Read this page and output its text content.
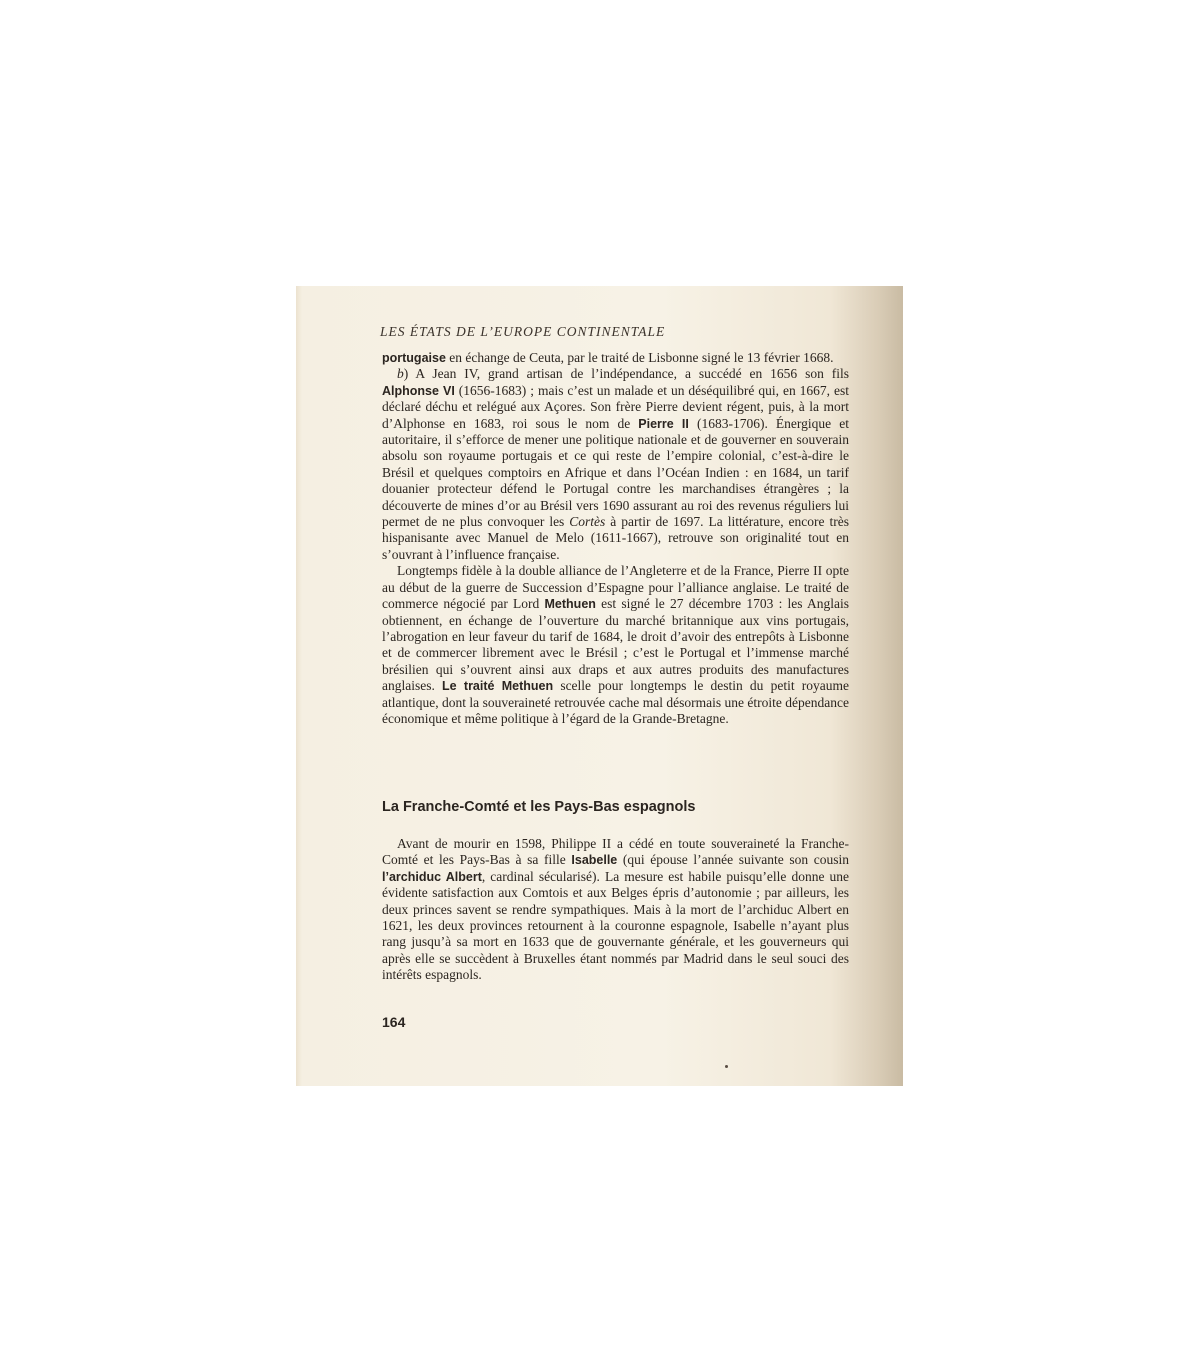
LES ÉTATS DE L’EUROPE CONTINENTALE

portugaise en échange de Ceuta, par le traité de Lisbonne signé le 13 février 1668.

b) A Jean IV, grand artisan de l’indépendance, a succédé en 1656 son fils Alphonse VI (1656-1683) ; mais c’est un malade et un déséquilibré qui, en 1667, est déclaré déchu et relégué aux Açores. Son frère Pierre devient régent, puis, à la mort d’Alphonse en 1683, roi sous le nom de Pierre II (1683-1706). Énergique et autoritaire, il s’efforce de mener une politique nationale et de gouverner en souverain absolu son royaume portugais et ce qui reste de l’empire colonial, c’est-à-dire le Brésil et quelques comptoirs en Afrique et dans l’Océan Indien : en 1684, un tarif douanier protecteur défend le Portugal contre les marchandises étrangères ; la découverte de mines d’or au Brésil vers 1690 assurant au roi des revenus réguliers lui permet de ne plus convoquer les Cortès à partir de 1697. La littérature, encore très hispanisante avec Manuel de Melo (1611-1667), retrouve son originalité tout en s’ouvrant à l’influence française.

Longtemps fidèle à la double alliance de l’Angleterre et de la France, Pierre II opte au début de la guerre de Succession d’Espagne pour l’alliance anglaise. Le traité de commerce négocié par Lord Methuen est signé le 27 décembre 1703 : les Anglais obtiennent, en échange de l’ouverture du marché britannique aux vins portugais, l’abrogation en leur faveur du tarif de 1684, le droit d’avoir des entrepôts à Lisbonne et de commercer librement avec le Brésil ; c’est le Portugal et l’immense marché brésilien qui s’ouvrent ainsi aux draps et aux autres produits des manufactures anglaises. Le traité Methuen scelle pour longtemps le destin du petit royaume atlantique, dont la souveraineté retrouvée cache mal désormais une étroite dépendance économique et même politique à l’égard de la Grande-Bretagne.

La Franche-Comté et les Pays-Bas espagnols

Avant de mourir en 1598, Philippe II a cédé en toute souveraineté la Franche-Comté et les Pays-Bas à sa fille Isabelle (qui épouse l’année suivante son cousin l’archiduc Albert, cardinal sécularisé). La mesure est habile puisqu’elle donne une évidente satisfaction aux Comtois et aux Belges épris d’autonomie ; par ailleurs, les deux princes savent se rendre sympathiques. Mais à la mort de l’archiduc Albert en 1621, les deux provinces retournent à la couronne espagnole, Isabelle n’ayant plus rang jusqu’à sa mort en 1633 que de gouvernante générale, et les gouverneurs qui après elle se succèdent à Bruxelles étant nommés par Madrid dans le seul souci des intérêts espagnols.

164
